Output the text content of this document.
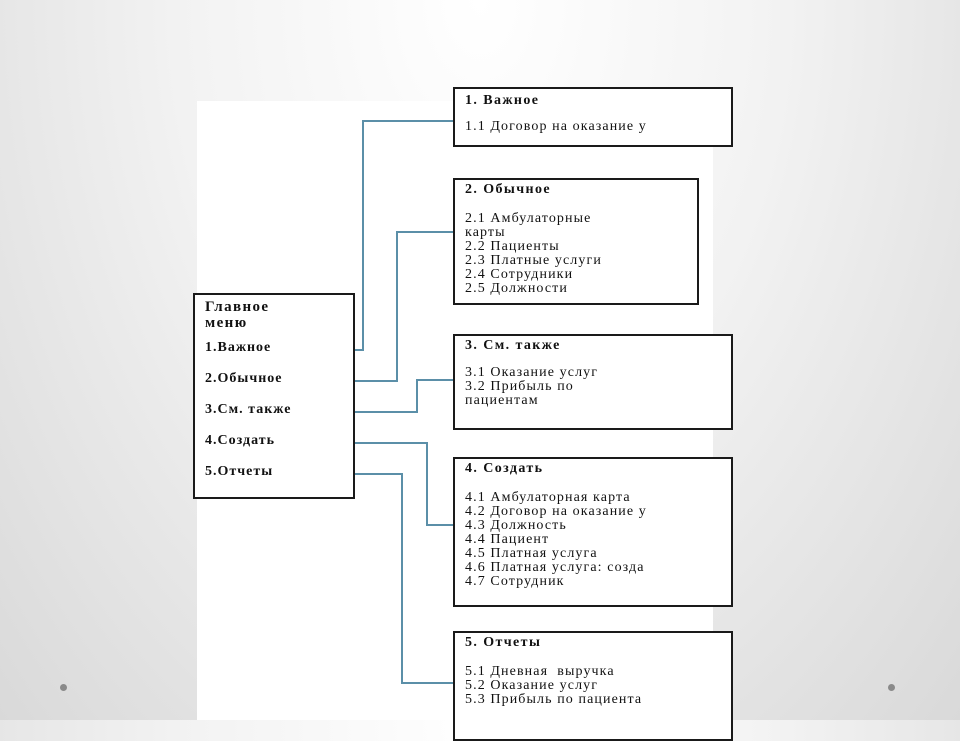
Главное меню
1.Важное
2.Обычное
3.См. также
4.Создать
5.Отчеты
1. Важное
1.1 Договор на оказание у
2. Обычное
2.1 Амбулаторные
карты
2.2 Пациенты
2.3 Платные услуги
2.4 Сотрудники
2.5 Должности
3. См. также
3.1 Оказание услуг
3.2 Прибыль по
пациентам
4. Создать
4.1 Амбулаторная карта
4.2 Договор на оказание у
4.3 Должность
4.4 Пациент
4.5 Платная услуга
4.6 Платная услуга: созда
4.7 Сотрудник
5. Отчеты
5.1 Дневная  выручка
5.2 Оказание услуг
5.3 Прибыль по пациента
